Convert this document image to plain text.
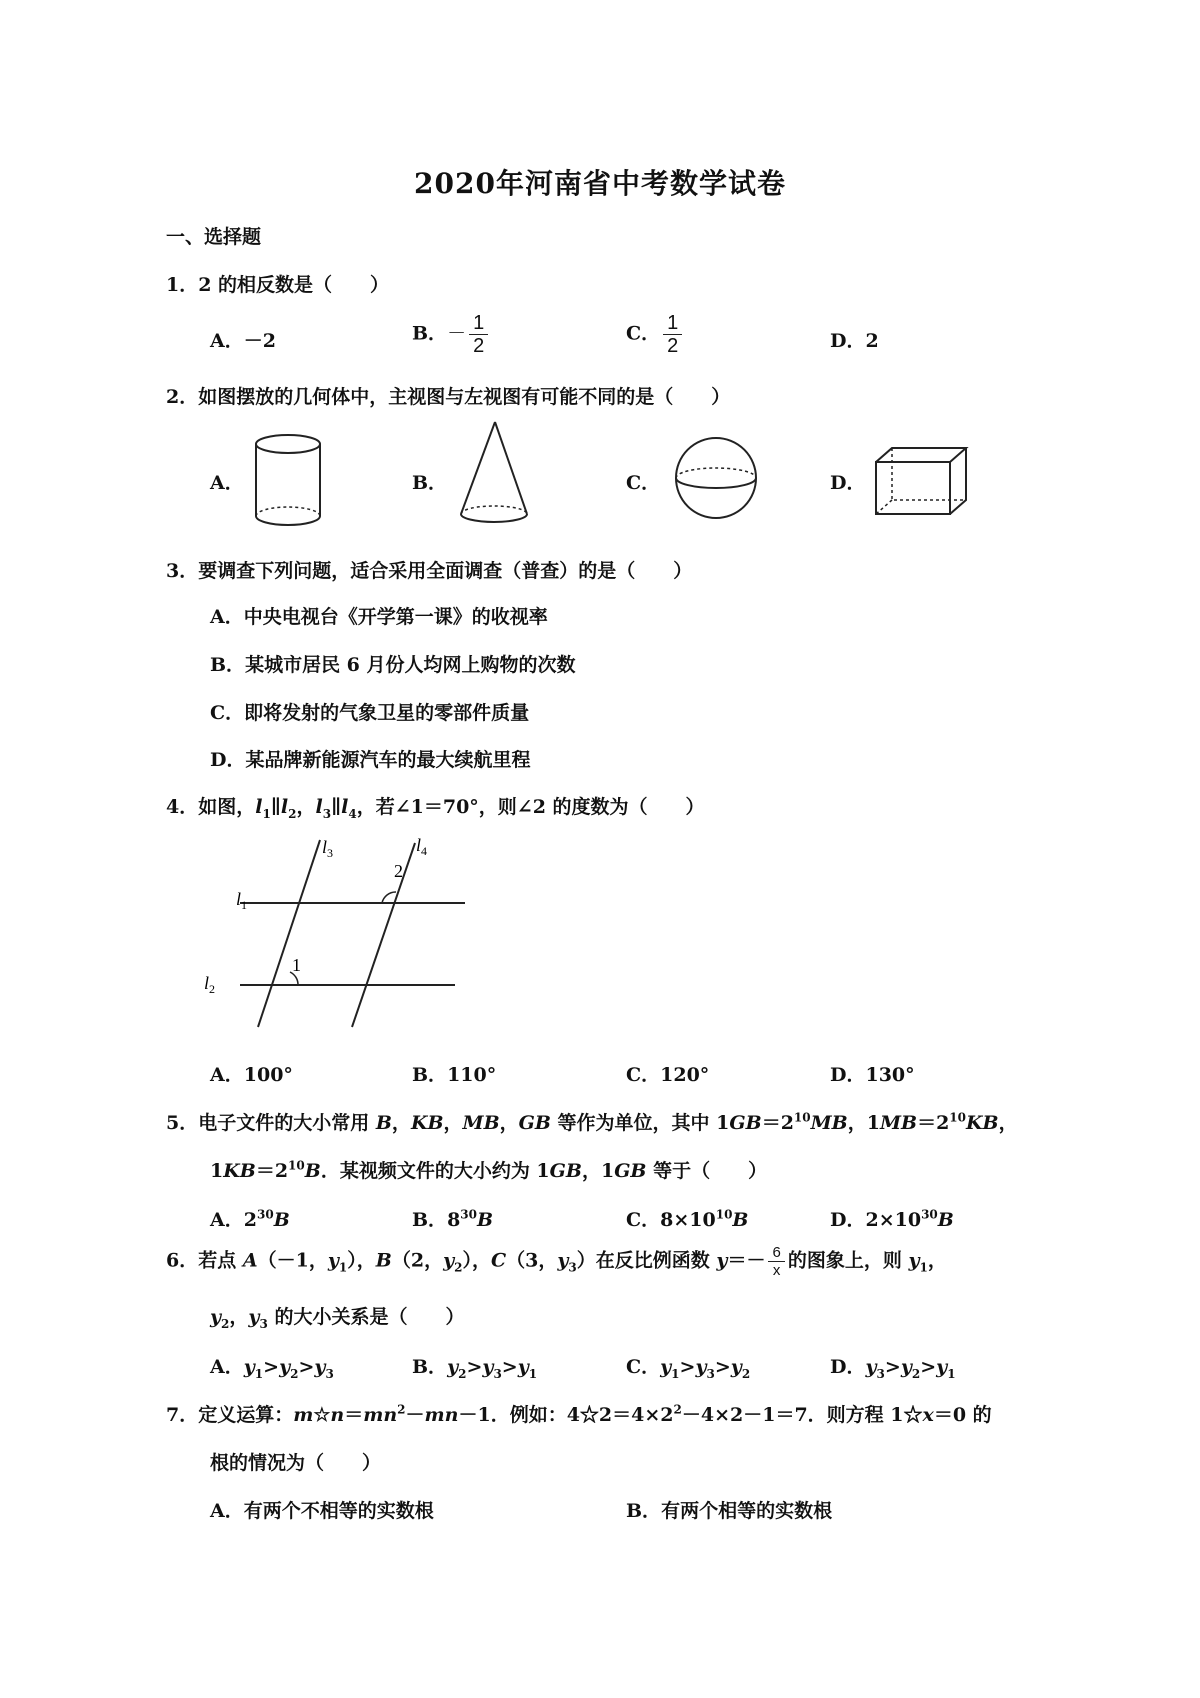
2020年河南省中考数学试卷
一、选择题
1．2 的相反数是（　　）
A．－2	B．－ $\frac{1}{2}$	C． $\frac{1}{2}$	D．2
2．如图摆放的几何体中，主视图与左视图有可能不同的是（　　）
A．	B．	C．	D．
3．要调查下列问题，适合采用全面调查（普查）的是（　　）
A．中央电视台《开学第一课》的收视率
B．某城市居民 6 月份人均网上购物的次数
C．即将发射的气象卫星的零部件质量
D．某品牌新能源汽车的最大续航里程
4．如图，$l_1\parallel l_2$，$l_3\parallel l_4$，若∠1＝70°，则∠2 的度数为（　　）
$l_3$	$l_4$
$l_1$
$l_2$
1
2
A．100°	B．110°	C．120°	D．130°
5．电子文件的大小常用 B，KB，MB，GB 等作为单位，其中 $1GB=2^{10}MB$，$1MB=2^{10}KB$，
$1KB=2^{10}B$．某视频文件的大小约为 1GB，1GB 等于（　　）
A．$2^{30}B$	B．$8^{30}B$	C．$8\times 10^{10}B$	D．$2\times 10^{30}B$
6．若点 A（－1，$y_1$），B（2，$y_2$），C（3，$y_3$）在反比例函数 $y=- \frac{6}{x}$ 的图象上，则 $y_1$，
$y_2$，$y_3$ 的大小关系是（　　）
A．$y_1>y_2>y_3$	B．$y_2>y_3>y_1$	C．$y_1>y_3>y_2$	D．$y_3>y_2>y_1$
7．定义运算：$m☆n=mn^2-mn-1$．例如：$4☆2=4\times 2^2-4\times 2-1=7$．则方程 1☆x＝0 的
根的情况为（　　）
A．有两个不相等的实数根	B．有两个相等的实数根
